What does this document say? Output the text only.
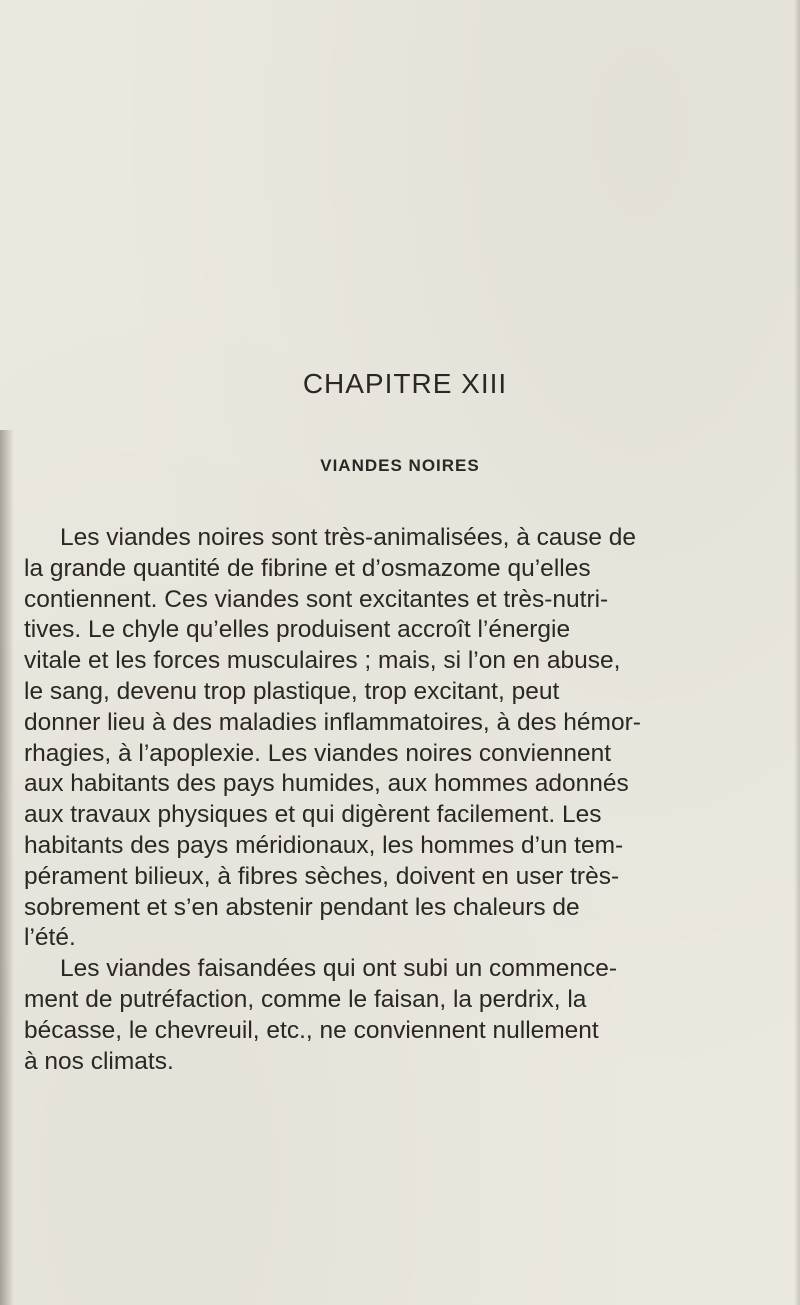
CHAPITRE XIII
VIANDES NOIRES

Les viandes noires sont très-animalisées, à cause de
la grande quantité de fibrine et d’osmazome qu’elles
contiennent. Ces viandes sont excitantes et très-nutri-
tives. Le chyle qu’elles produisent accroît l’énergie
vitale et les forces musculaires ; mais, si l’on en abuse,
le sang, devenu trop plastique, trop excitant, peut
donner lieu à des maladies inflammatoires, à des hémor-
rhagies, à l’apoplexie. Les viandes noires conviennent
aux habitants des pays humides, aux hommes adonnés
aux travaux physiques et qui digèrent facilement. Les
habitants des pays méridionaux, les hommes d’un tem-
pérament bilieux, à fibres sèches, doivent en user très-
sobrement et s’en abstenir pendant les chaleurs de
l’été.

Les viandes faisandées qui ont subi un commence-
ment de putréfaction, comme le faisan, la perdrix, la
bécasse, le chevreuil, etc., ne conviennent nullement
à nos climats.
